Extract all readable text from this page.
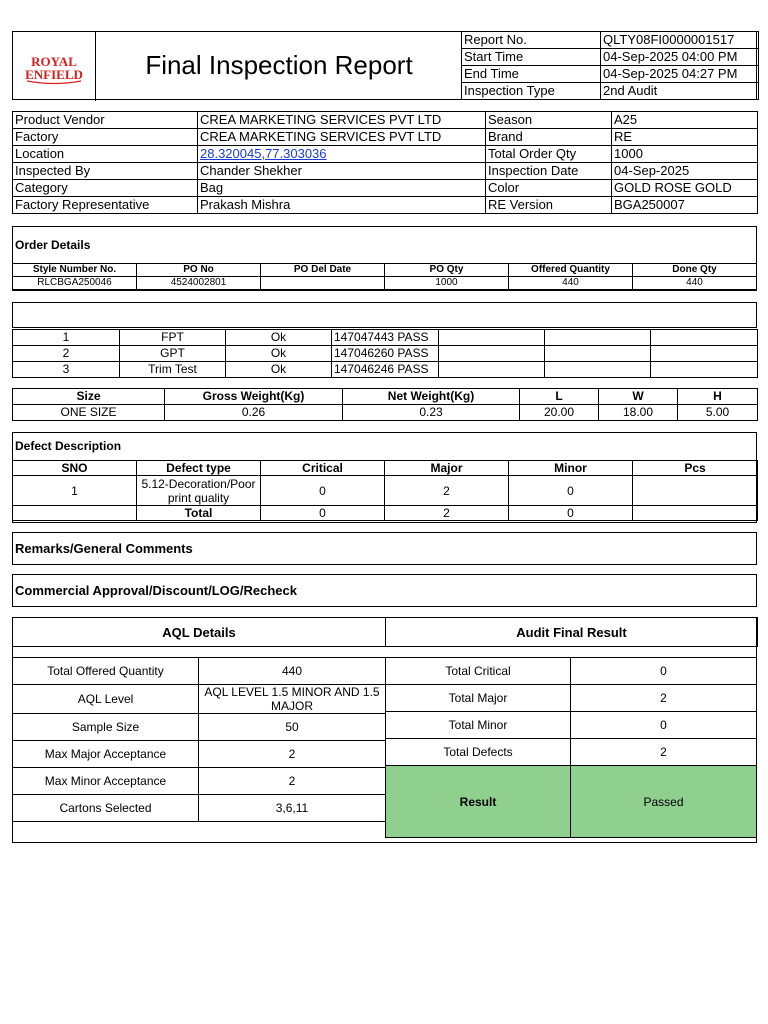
ROYAL
ENFIELD	Final Inspection Report
Report No.	QLTY08FI0000001517
Start Time	04-Sep-2025 04:00 PM
End Time	04-Sep-2025 04:27 PM
Inspection Type	2nd Audit
Product Vendor	CREA MARKETING SERVICES PVT LTD	Season	A25
Factory	CREA MARKETING SERVICES PVT LTD	Brand	RE
Location	28.320045,77.303036	Total Order Qty	1000
Inspected By	Chander Shekher	Inspection Date	04-Sep-2025
Category	Bag	Color	GOLD ROSE GOLD
Factory Representative	Prakash Mishra	RE Version	BGA250007
Order Details
Style Number No.	PO No	PO Del Date	PO Qty	Offered Quantity	Done Qty
RLCBGA250046	4524002801		1000	440	440
1	FPT	Ok	147047443 PASS			
2	GPT	Ok	147046260 PASS			
3	Trim Test	Ok	147046246 PASS			
Size	Gross Weight(Kg)	Net Weight(Kg)	L	W	H
ONE SIZE	0.26	0.23	20.00	18.00	5.00
Defect Description
SNO	Defect type	Critical	Major	Minor	Pcs
1	5.12-Decoration/Poor print quality	0	2	0	
	Total	0	2	0	
Remarks/General Comments
Commercial Approval/Discount/LOG/Recheck
AQL Details	Audit Final Result
Total Offered Quantity	440
AQL Level	AQL LEVEL 1.5 MINOR AND 1.5 MAJOR
Sample Size	50
Max Major Acceptance	2
Max Minor Acceptance	2
Cartons Selected	3,6,11
Total Critical	0
Total Major	2
Total Minor	0
Total Defects	2
Result	Passed
